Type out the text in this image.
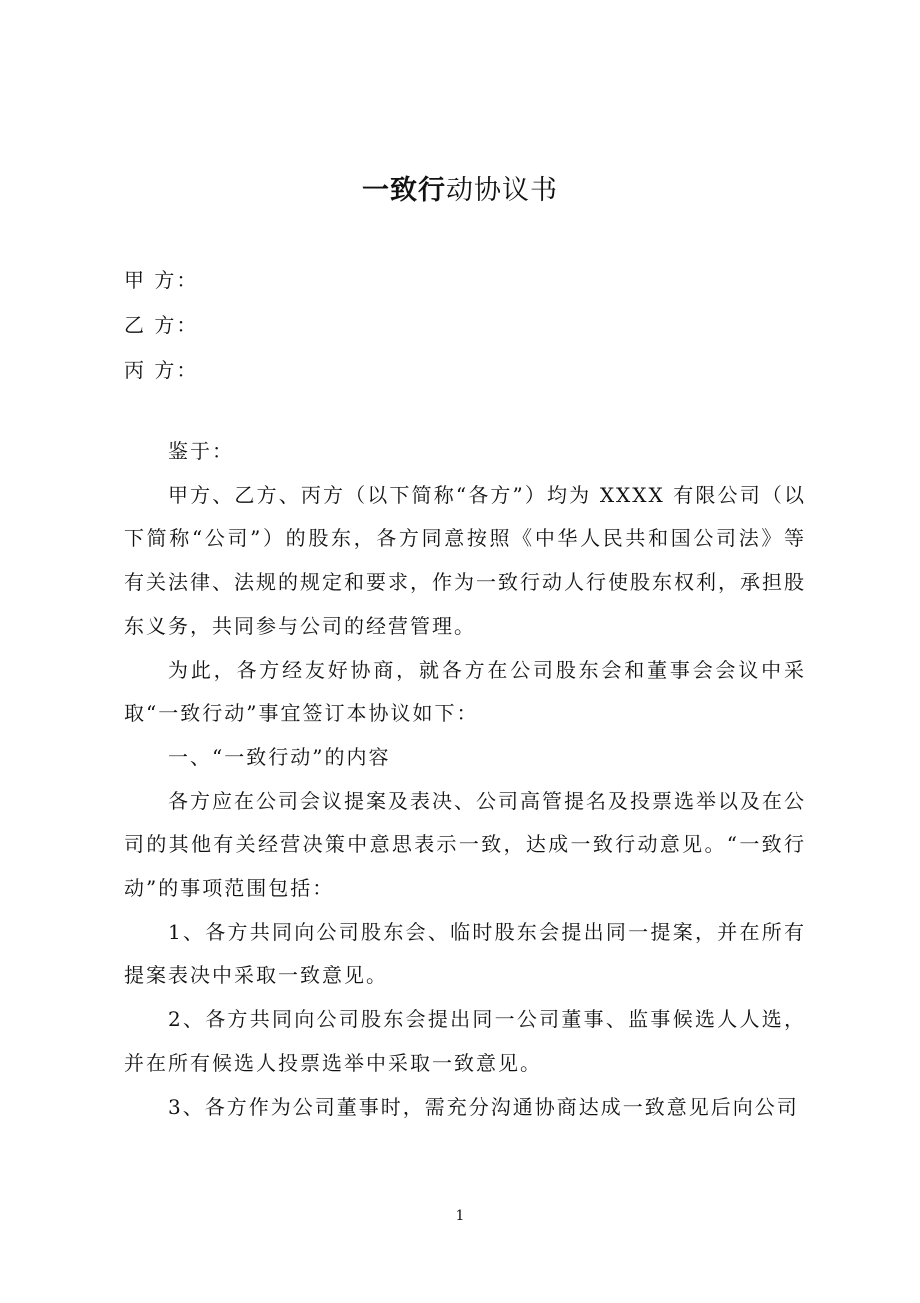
一致行动协议书
甲 方：
乙 方：
丙 方：

鉴于：

甲方、乙方、丙方（以下简称“各方”）均为 XXXX 有限公司（以下简称“公司”）的股东，各方同意按照《中华人民共和国公司法》等有关法律、法规的规定和要求，作为一致行动人行使股东权利，承担股东义务，共同参与公司的经营管理。

为此，各方经友好协商，就各方在公司股东会和董事会会议中采取“一致行动”事宜签订本协议如下：

一、“一致行动”的内容

各方应在公司会议提案及表决、公司高管提名及投票选举以及在公司的其他有关经营决策中意思表示一致，达成一致行动意见。“一致行动”的事项范围包括：

1、各方共同向公司股东会、临时股东会提出同一提案，并在所有提案表决中采取一致意见。

2、各方共同向公司股东会提出同一公司董事、监事候选人人选，并在所有候选人投票选举中采取一致意见。

3、各方作为公司董事时，需充分沟通协商达成一致意见后向公司

1
